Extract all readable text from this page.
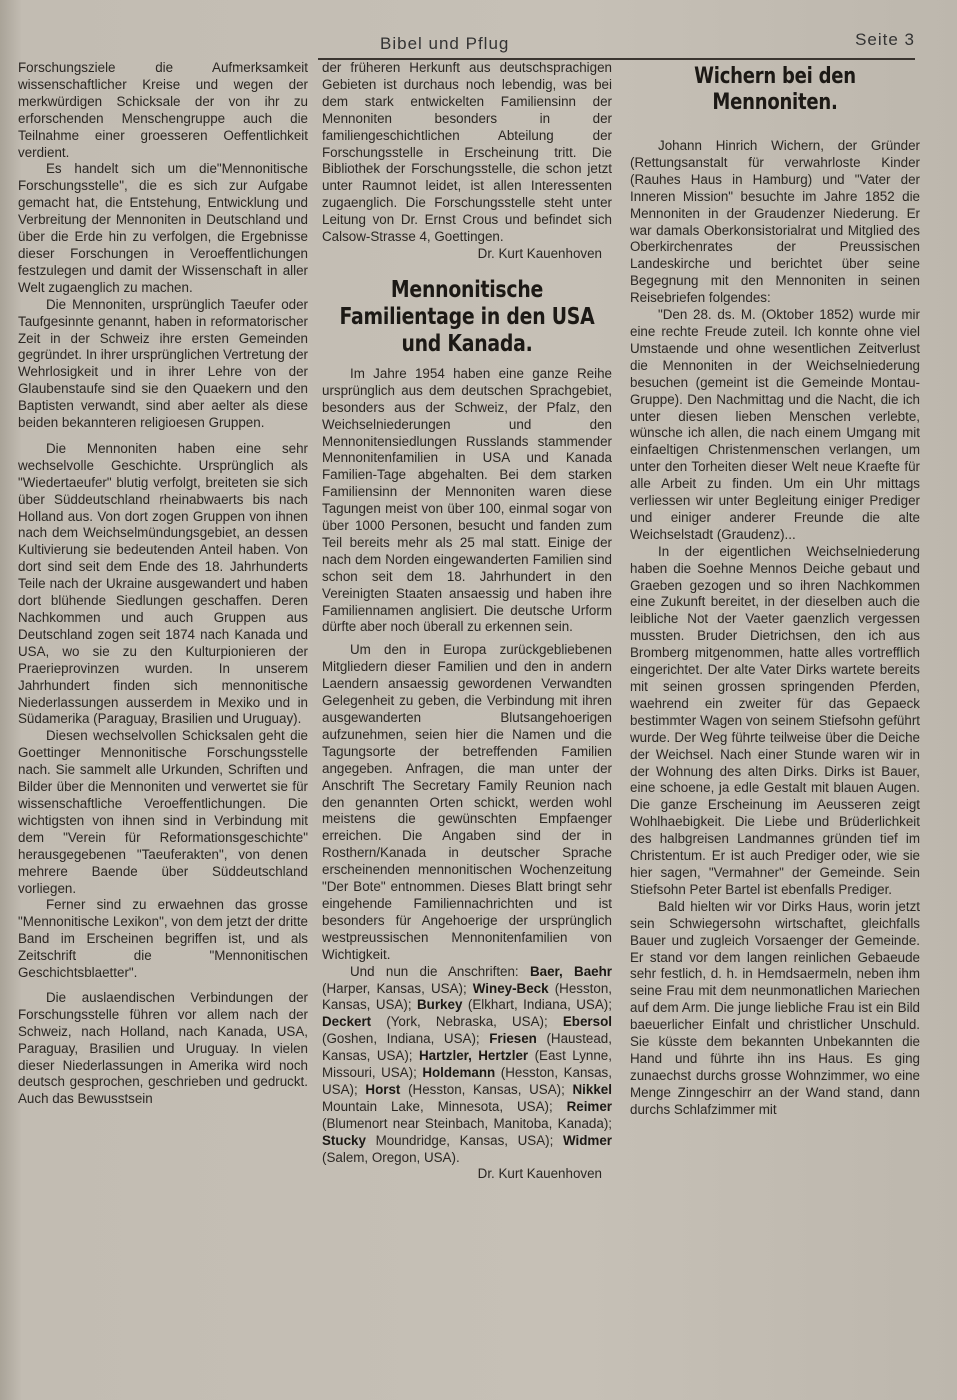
Bibel und Pflug	Seite 3

Forschungsziele die Aufmerksamkeit wissenschaftlicher Kreise und wegen der merkwürdigen Schicksale der von ihr zu erforschenden Menschengruppe auch die Teilnahme einer groesseren Oeffentlichkeit verdient.

Es handelt sich um die"Mennonitische Forschungsstelle", die es sich zur Aufgabe gemacht hat, die Entstehung, Entwicklung und Verbreitung der Mennoniten in Deutschland und über die Erde hin zu verfolgen, die Ergebnisse dieser Forschungen in Veroeffentlichungen festzulegen und damit der Wissenschaft in aller Welt zugaenglich zu machen.

Die Mennoniten, ursprünglich Taeufer oder Taufgesinnte genannt, haben in reformatorischer Zeit in der Schweiz ihre ersten Gemeinden gegründet. In ihrer ursprünglichen Vertretung der Wehrlosigkeit und in ihrer Lehre von der Glaubenstaufe sind sie den Quaekern und den Baptisten verwandt, sind aber aelter als diese beiden bekannteren religioesen Gruppen.

Die Mennoniten haben eine sehr wechselvolle Geschichte. Ursprünglich als "Wiedertaeufer" blutig verfolgt, breiteten sie sich über Süddeutschland rheinabwaerts bis nach Holland aus. Von dort zogen Gruppen von ihnen nach dem Weichselmündungsgebiet, an dessen Kultivierung sie bedeutenden Anteil haben. Von dort sind seit dem Ende des 18. Jahrhunderts Teile nach der Ukraine ausgewandert und haben dort blühende Siedlungen geschaffen. Deren Nachkommen und auch Gruppen aus Deutschland zogen seit 1874 nach Kanada und USA, wo sie zu den Kulturpionieren der Praerieprovinzen wurden. In unserem Jahrhundert finden sich mennonitische Niederlassungen ausserdem in Mexiko und in Südamerika (Paraguay, Brasilien und Uruguay).

Diesen wechselvollen Schicksalen geht die Goettinger Mennonitische Forschungsstelle nach. Sie sammelt alle Urkunden, Schriften und Bilder über die Mennoniten und verwertet sie für wissenschaftliche Veroeffentlichungen. Die wichtigsten von ihnen sind in Verbindung mit dem "Verein für Reformationsgeschichte" herausgegebenen "Taeuferakten", von denen mehrere Baende über Süddeutschland vorliegen.

Ferner sind zu erwaehnen das grosse "Mennonitische Lexikon", von dem jetzt der dritte Band im Erscheinen begriffen ist, und als Zeitschrift die "Mennonitischen Geschichtsblaetter".

Die auslaendischen Verbindungen der Forschungsstelle führen vor allem nach der Schweiz, nach Holland, nach Kanada, USA, Paraguay, Brasilien und Uruguay. In vielen dieser Niederlassungen in Amerika wird noch deutsch gesprochen, geschrieben und gedruckt. Auch das Bewusstsein

der früheren Herkunft aus deutschsprachigen Gebieten ist durchaus noch lebendig, was bei dem stark entwickelten Familiensinn der Mennoniten besonders in der familiengeschichtlichen Abteilung der Forschungsstelle in Erscheinung tritt. Die Bibliothek der Forschungsstelle, die schon jetzt unter Raumnot leidet, ist allen Interessenten zugaenglich. Die Forschungsstelle steht unter Leitung von Dr. Ernst Crous und befindet sich Calsow-Strasse 4, Goettingen.

Dr. Kurt Kauenhoven

Mennonitische Familientage in den USA und Kanada.

Im Jahre 1954 haben eine ganze Reihe ursprünglich aus dem deutschen Sprachgebiet, besonders aus der Schweiz, der Pfalz, den Weichselniederungen und den Mennonitensiedlungen Russlands stammender Mennonitenfamilien in USA und Kanada Familien-Tage abgehalten. Bei dem starken Familiensinn der Mennoniten waren diese Tagungen meist von über 100, einmal sogar von über 1000 Personen, besucht und fanden zum Teil bereits mehr als 25 mal statt. Einige der nach dem Norden eingewanderten Familien sind schon seit dem 18. Jahrhundert in den Vereinigten Staaten ansaessig und haben ihre Familiennamen anglisiert. Die deutsche Urform dürfte aber noch überall zu erkennen sein.

Um den in Europa zurückgebliebenen Mitgliedern dieser Familien und den in andern Laendern ansaessig gewordenen Verwandten Gelegenheit zu geben, die Verbindung mit ihren ausgewanderten Blutsangehoerigen aufzunehmen, seien hier die Namen und die Tagungsorte der betreffenden Familien angegeben. Anfragen, die man unter der Anschrift The Secretary Family Reunion nach den genannten Orten schickt, werden wohl meistens die gewünschten Empfaenger erreichen. Die Angaben sind der in Rosthern/Kanada in deutscher Sprache erscheinenden mennonitischen Wochenzeitung "Der Bote" entnommen. Dieses Blatt bringt sehr eingehende Familiennachrichten und ist besonders für Angehoerige der ursprünglich westpreussischen Mennonitenfamilien von Wichtigkeit.

Und nun die Anschriften: Baer, Baehr (Harper, Kansas, USA); Winey-Beck (Hesston, Kansas, USA); Burkey (Elkhart, Indiana, USA); Deckert (York, Nebraska, USA); Ebersol (Goshen, Indiana, USA); Friesen (Haustead, Kansas, USA); Hartzler, Hertzler (East Lynne, Missouri, USA); Holdemann (Hesston, Kansas, USA); Horst (Hesston, Kansas, USA); Nikkel Mountain Lake, Minnesota, USA); Reimer (Blumenort near Steinbach, Manitoba, Kanada); Stucky Moundridge, Kansas, USA); Widmer (Salem, Oregon, USA).

Dr. Kurt Kauenhoven

Wichern bei den Mennoniten.

Johann Hinrich Wichern, der Gründer (Rettungsanstalt für verwahrloste Kinder (Rauhes Haus in Hamburg) und "Vater der Inneren Mission" besuchte im Jahre 1852 die Mennoniten in der Graudenzer Niederung. Er war damals Oberkonsistorialrat und Mitglied des Oberkirchenrates der Preussischen Landeskirche und berichtet über seine Begegnung mit den Mennoniten in seinen Reisebriefen folgendes:

"Den 28. ds. M. (Oktober 1852) wurde mir eine rechte Freude zuteil. Ich konnte ohne viel Umstaende und ohne wesentlichen Zeitverlust die Mennoniten in der Weichselniederung besuchen (gemeint ist die Gemeinde Montau-Gruppe). Den Nachmittag und die Nacht, die ich unter diesen lieben Menschen verlebte, wünsche ich allen, die nach einem Umgang mit einfaeltigen Christenmenschen verlangen, um unter den Torheiten dieser Welt neue Kraefte für alle Arbeit zu finden. Um ein Uhr mittags verliessen wir unter Begleitung einiger Prediger und einiger anderer Freunde die alte Weichselstadt (Graudenz)...

In der eigentlichen Weichselniederung haben die Soehne Mennos Deiche gebaut und Graeben gezogen und so ihren Nachkommen eine Zukunft bereitet, in der dieselben auch die leibliche Not der Vaeter gaenzlich vergessen mussten. Bruder Dietrichsen, den ich aus Bromberg mitgenommen, hatte alles vortrefflich eingerichtet. Der alte Vater Dirks wartete bereits mit seinen grossen springenden Pferden, waehrend ein zweiter für das Gepaeck bestimmter Wagen von seinem Stiefsohn geführt wurde. Der Weg führte teilweise über die Deiche der Weichsel. Nach einer Stunde waren wir in der Wohnung des alten Dirks. Dirks ist Bauer, eine schoene, ja edle Gestalt mit blauen Augen. Die ganze Erscheinung im Aeusseren zeigt Wohlhaebigkeit. Die Liebe und Brüderlichkeit des halbgreisen Landmannes gründen tief im Christentum. Er ist auch Prediger oder, wie sie hier sagen, "Vermahner" der Gemeinde. Sein Stiefsohn Peter Bartel ist ebenfalls Prediger.

Bald hielten wir vor Dirks Haus, worin jetzt sein Schwiegersohn wirtschaftet, gleichfalls Bauer und zugleich Vorsaenger der Gemeinde. Er stand vor dem langen reinlichen Gebaeude sehr festlich, d. h. in Hemdsaermeln, neben ihm seine Frau mit dem neunmonatlichen Mariechen auf dem Arm. Die junge liebliche Frau ist ein Bild baeuerlicher Einfalt und christlicher Unschuld. Sie küsste dem bekannten Unbekannten die Hand und führte ihn ins Haus. Es ging zunaechst durchs grosse Wohnzimmer, wo eine Menge Zinngeschirr an der Wand stand, dann durchs Schlafzimmer mit
